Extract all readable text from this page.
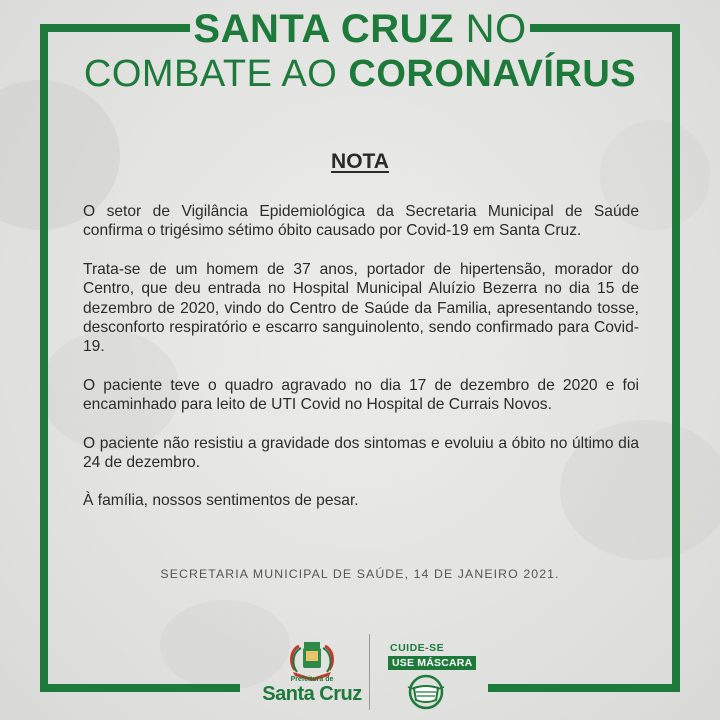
SANTA CRUZ NO
COMBATE AO CORONAVÍRUS
NOTA

O setor de Vigilância Epidemiológica da Secretaria Municipal de Saúde confirma o trigésimo sétimo óbito causado por Covid-19 em Santa Cruz.

Trata-se de um homem de 37 anos, portador de hipertensão, morador do Centro, que deu entrada no Hospital Municipal Aluízio Bezerra no dia 15 de dezembro de 2020, vindo do Centro de Saúde da Familia, apresentando tosse, desconforto respiratório e escarro sanguinolento, sendo confirmado para Covid-19.

O paciente teve o quadro agravado no dia 17 de dezembro de 2020 e foi encaminhado para leito de UTI Covid no Hospital de Currais Novos.

O paciente não resistiu a gravidade dos sintomas e evoluiu a óbito no último dia 24 de dezembro.

À família, nossos sentimentos de pesar.

SECRETARIA MUNICIPAL DE SAÚDE, 14 DE JANEIRO 2021.
Prefeitura de
Santa Cruz
CUIDE-SE
USE MÁSCARA
